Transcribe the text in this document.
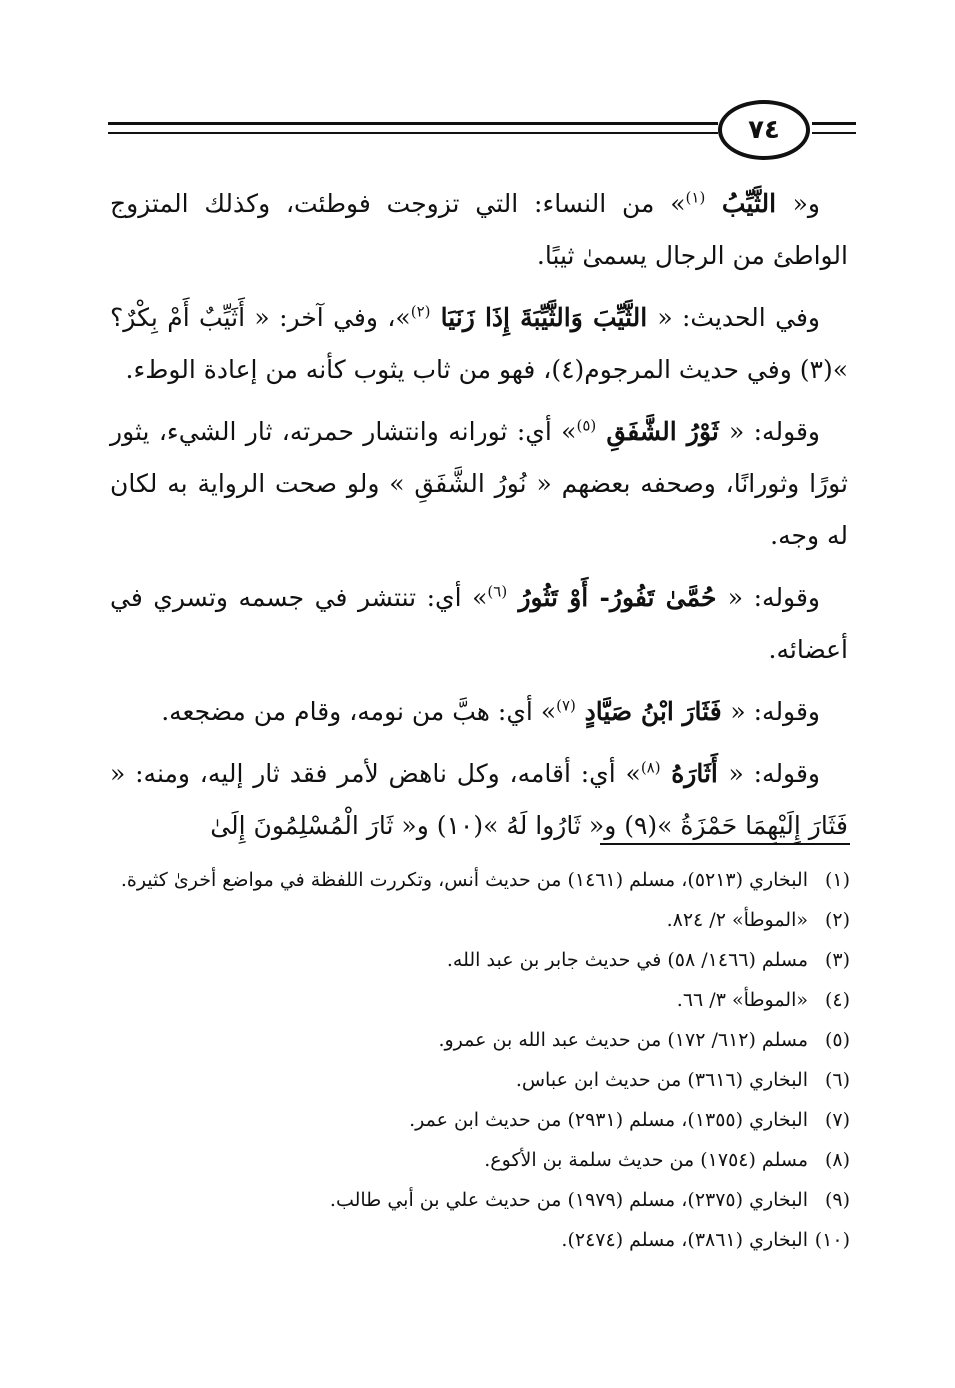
٧٤

و« الثَّيِّبُ $^{(١)}$» من النساء: التي تزوجت فوطئت، وكذلك المتزوج الواطئ من الرجال يسمىٰ ثيبًا.

وفي الحديث: « الثَّيِّبَ وَالثَّيِّبَةَ إِذَا زَنَيَا $^{(٢)}$»، وفي آخر: « أَثَيِّبٌ أَمْ بِكْرٌ؟ »(٣) وفي حديث المرجوم(٤)، فهو من ثاب يثوب كأنه من إعادة الوطء.

وقوله: « ثَوْرُ الشَّفَقِ $^{(٥)}$» أي: ثورانه وانتشار حمرته، ثار الشيء، يثور ثورًا وثورانًا، وصحفه بعضهم « نُورُ الشَّفَقِ » ولو صحت الرواية به لكان له وجه.

وقوله: « حُمَّىٰ تَفُورُ- أَوْ تَثُورُ $^{(٦)}$» أي: تنتشر في جسمه وتسري في أعضائه.

وقوله: « فَثَارَ ابْنُ صَيَّادٍ $^{(٧)}$» أي: هبَّ من نومه، وقام من مضجعه.

وقوله: « أَثَارَهُ $^{(٨)}$» أي: أقامه، وكل ناهض لأمر فقد ثار إليه، ومنه: « فَثَارَ إِلَيْهِمَا حَمْزَةُ »(٩) و« ثَارُوا لَهُ »(١٠) و« ثَارَ الْمُسْلِمُونَ إِلَىٰ

(١)
البخاري (٥٢١٣)، مسلم (١٤٦١) من حديث أنس، وتكررت اللفظة في مواضع أخرىٰ كثيرة.
(٢)
«الموطأ» ٢/ ٨٢٤.
(٣)
مسلم (١٤٦٦/ ٥٨) في حديث جابر بن عبد الله.
(٤)
«الموطأ» ٣/ ٦٦.
(٥)
مسلم (٦١٢/ ١٧٢) من حديث عبد الله بن عمرو.
(٦)
البخاري (٣٦١٦) من حديث ابن عباس.
(٧)
البخاري (١٣٥٥)، مسلم (٢٩٣١) من حديث ابن عمر.
(٨)
مسلم (١٧٥٤) من حديث سلمة بن الأكوع.
(٩)
البخاري (٢٣٧٥)، مسلم (١٩٧٩) من حديث علي بن أبي طالب.
(١٠)
البخاري (٣٨٦١)، مسلم (٢٤٧٤).
